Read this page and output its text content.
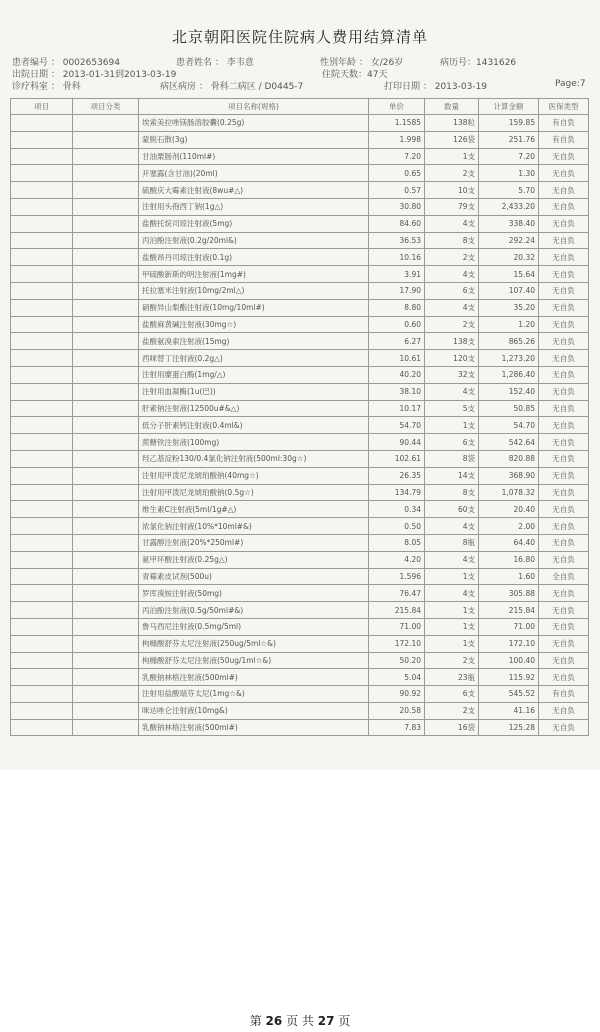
北京朝阳医院住院病人费用结算清单
患者编号 ： 0002653694	患者姓名 ： 李韦意	性别年龄 ： 女/26岁	病历号：1431626
出院日期 ： 2013-01-31到2013-03-19	住院天数：47天
诊疗科室 ： 骨科	病区病房 ： 骨科二病区 / D0445-7	打印日期 ： 2013-03-19	Page:7
项目	项目分类	项目名称(规格)	单价	数量	计算金额	医保类型
		埃索美拉唑镁肠溶胶囊(0.25g)	1.1585	138粒	159.85	有自负
		蒙脱石散(3g)	1.998	126袋	251.76	有自负
		甘油栗肠剂(110ml#)	7.20	1支	7.20	无自负
		开塞露(含甘油)(20ml)	0.65	2支	1.30	无自负
		硫酸庆大霉素注射液(8wu#△)	0.57	10支	5.70	无自负
		注射用头孢西丁钠(1g△)	30.80	79支	2,433.20	无自负
		盐酸托烷司琼注射液(5mg)	84.60	4支	338.40	无自负
		丙泊酚注射液(0.2g/20ml&)	36.53	8支	292.24	无自负
		盐酸昂丹司琼注射液(0.1g)	10.16	2支	20.32	无自负
		甲硫酸新斯的明注射液(1mg#)	3.91	4支	15.64	无自负
		托拉塞米注射液(10mg/2ml△)	17.90	6支	107.40	无自负
		硝酸异山梨酯注射液(10mg/10ml#)	8.80	4支	35.20	无自负
		盐酸麻黄碱注射液(30mg☆)	0.60	2支	1.20	无自负
		盐酸氨溴索注射液(15mg)	6.27	138支	865.26	无自负
		西咪替丁注射液(0.2g△)	10.61	120支	1,273.20	无自负
		注射用糜蛋白酶(1mg/△)	40.20	32支	1,286.40	无自负
		注射用血凝酶(1u(巴))	38.10	4支	152.40	无自负
		肝素钠注射液(12500u#&△)	10.17	5支	50.85	无自负
		低分子肝素钙注射液(0.4ml&)	54.70	1支	54.70	无自负
		蔗糖铁注射液(100mg)	90.44	6支	542.64	无自负
		羟乙基淀粉130/0.4氯化钠注射液(500ml:30g☆)	102.61	8袋	820.88	无自负
		注射用甲泼尼龙琥珀酸钠(40mg☆)	26.35	14支	368.90	无自负
		注射用甲泼尼龙琥珀酸钠(0.5g☆)	134.79	8支	1,078.32	无自负
		维生素C注射液(5ml/1g#△)	0.34	60支	20.40	无自负
		浓氯化钠注射液(10%*10ml#&)	0.50	4支	2.00	无自负
		甘露醇注射液(20%*250ml#)	8.05	8瓶	64.40	无自负
		氨甲环酸注射液(0.25g△)	4.20	4支	16.80	无自负
		青霉素皮试剂(500u)	1.596	1支	1.60	全自负
		罗库溴铵注射液(50mg)	76.47	4支	305.88	无自负
		丙泊酚注射液(0.5g/50ml#&)	215.84	1支	215.84	无自负
		鲁马西尼注射液(0.5mg/5ml)	71.00	1支	71.00	无自负
		枸橼酸舒芬太尼注射液(250ug/5ml☆&)	172.10	1支	172.10	无自负
		枸橼酸舒芬太尼注射液(50ug/1ml☆&)	50.20	2支	100.40	无自负
		乳酸钠林格注射液(500ml#)	5.04	23瓶	115.92	无自负
		注射用盐酸瑞芬太尼(1mg☆&)	90.92	6支	545.52	有自负
		咪达唑仑注射液(10mg&)	20.58	2支	41.16	无自负
		乳酸钠林格注射液(500ml#)	7.83	16袋	125.28	无自负
第 26 页 共 27 页
